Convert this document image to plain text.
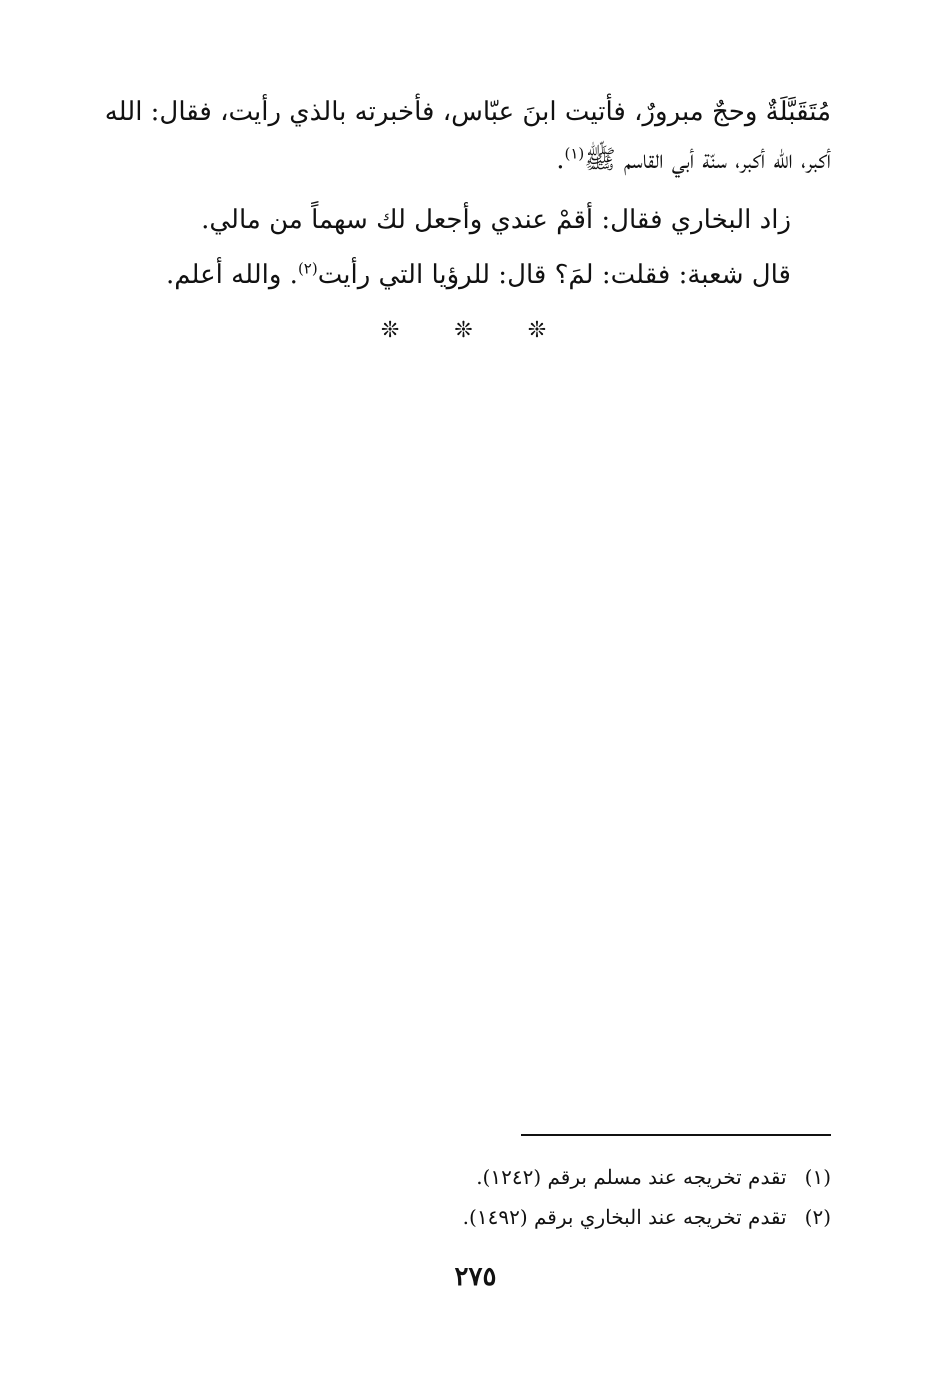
مُتَقَبَّلَةٌ وحجٌ مبرورٌ، فأتيت ابنَ عبّاس، فأخبرته بالذي رأيت، فقال: الله
أكبر، الله أكبر، سنّة أبي القاسم ﷺ$^{(١)}$.
زاد البخاري فقال: أقمْ عندي وأجعل لك سهماً من مالي.
قال شعبة: فقلت: لمَ؟ قال: للرؤيا التي رأيت$^{(٢)}$. والله أعلم.
❊ ❊ ❊
(١)تقدم تخريجه عند مسلم برقم (١٢٤٢).
(٢)تقدم تخريجه عند البخاري برقم (١٤٩٢).
٢٧٥
